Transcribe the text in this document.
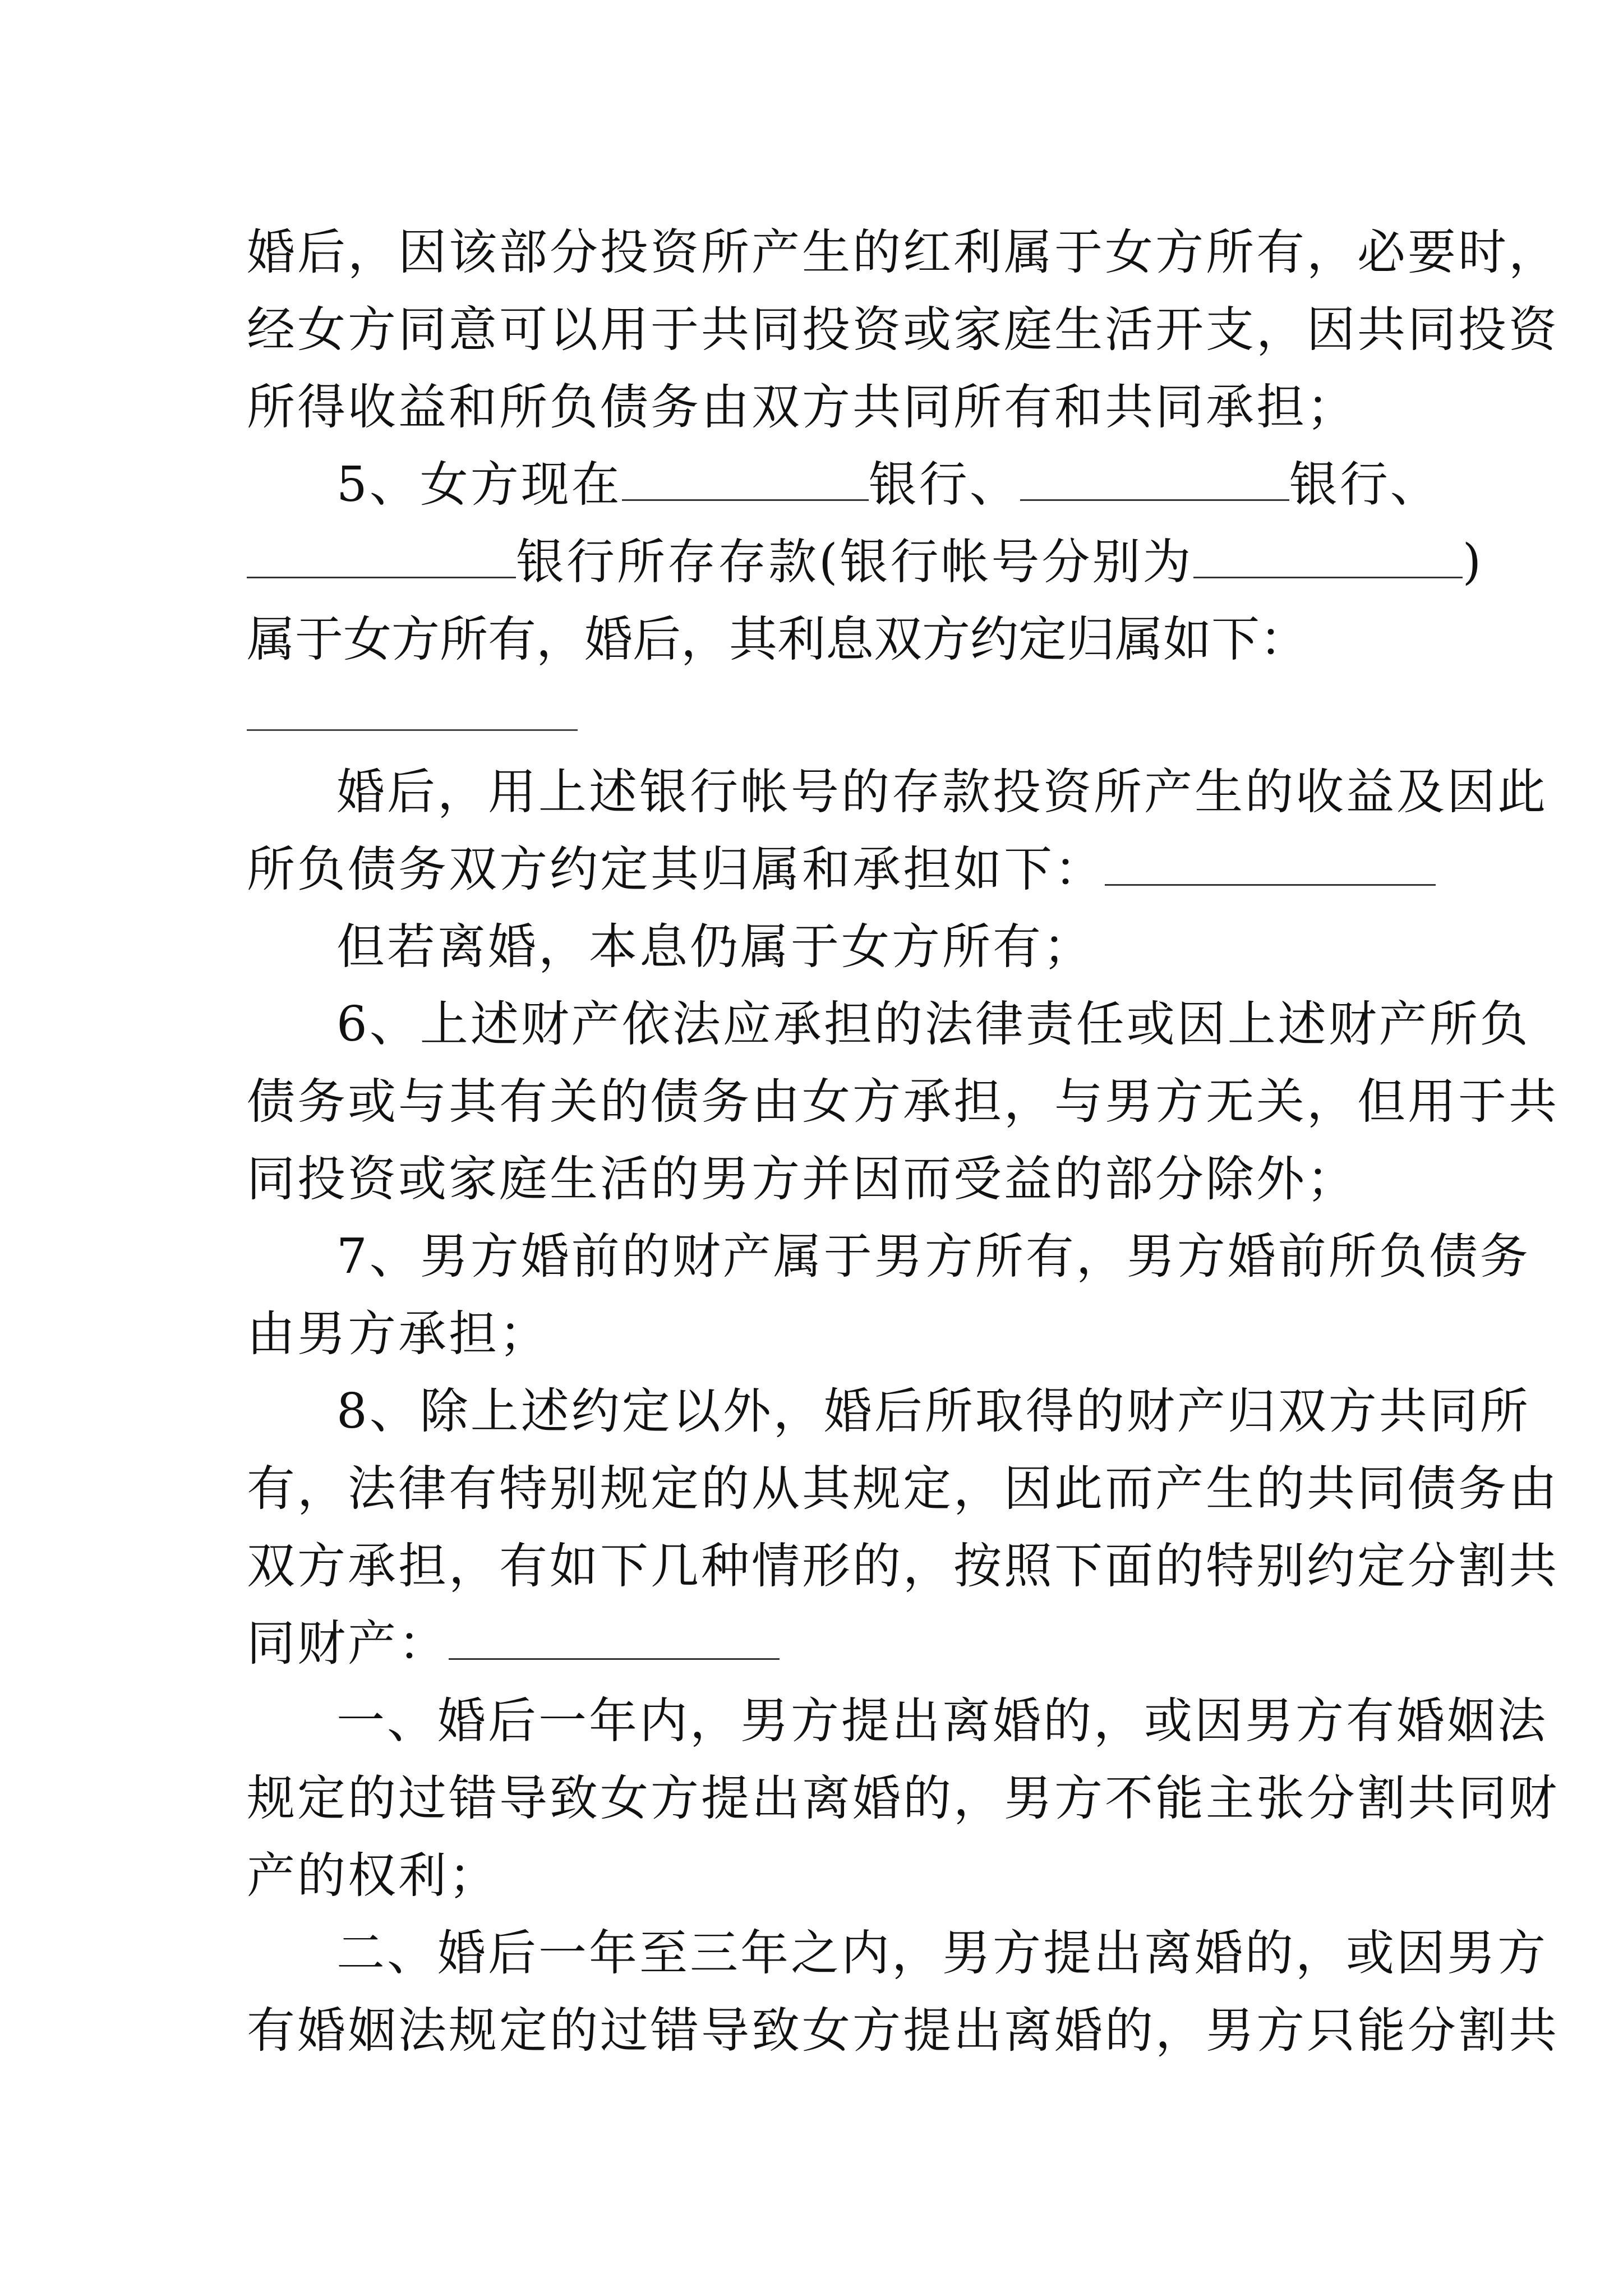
婚后，因该部分投资所产生的红利属于女方所有，必要时，
经女方同意可以用于共同投资或家庭生活开支，因共同投资
所得收益和所负债务由双方共同所有和共同承担；
5、女方现在	银行、	银行、
银行所存存款(银行帐号分别为	)
属于女方所有，婚后，其利息双方约定归属如下：
婚后，用上述银行帐号的存款投资所产生的收益及因此
所负债务双方约定其归属和承担如下：
但若离婚，本息仍属于女方所有；
6、上述财产依法应承担的法律责任或因上述财产所负
债务或与其有关的债务由女方承担，与男方无关，但用于共
同投资或家庭生活的男方并因而受益的部分除外；
7、男方婚前的财产属于男方所有，男方婚前所负债务
由男方承担；
8、除上述约定以外，婚后所取得的财产归双方共同所
有，法律有特别规定的从其规定，因此而产生的共同债务由
双方承担，有如下几种情形的，按照下面的特别约定分割共
同财产：
一、婚后一年内，男方提出离婚的，或因男方有婚姻法
规定的过错导致女方提出离婚的，男方不能主张分割共同财
产的权利；
二、婚后一年至三年之内，男方提出离婚的，或因男方
有婚姻法规定的过错导致女方提出离婚的，男方只能分割共
